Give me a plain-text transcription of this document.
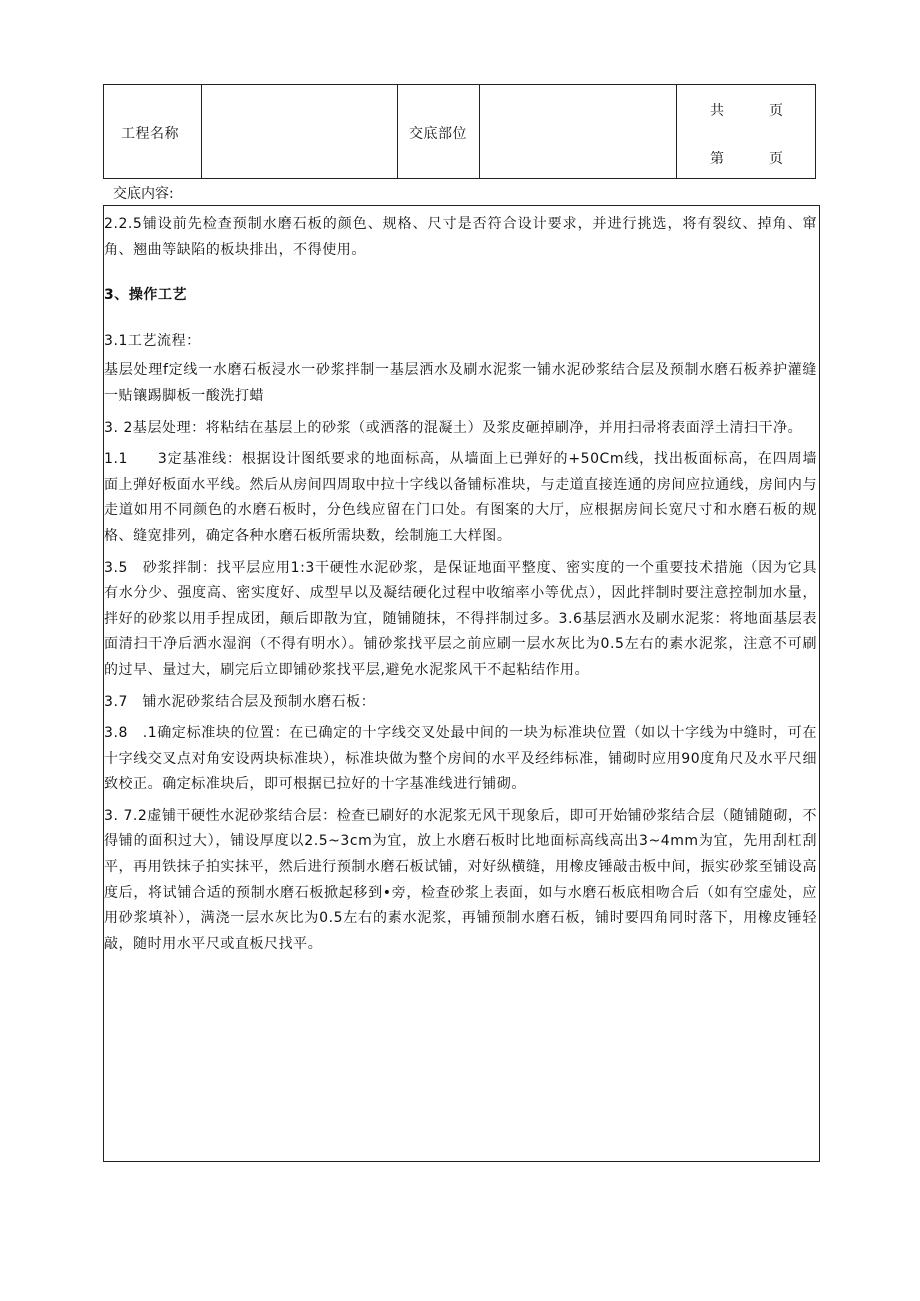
工程名称	交底部位
共	页
第	页
交底内容:

2.2.5铺设前先检查预制水磨石板的颜色、规格、尺寸是否符合设计要求，并进行挑选，将有裂纹、掉角、窜角、翘曲等缺陷的板块排出，不得使用。

3、操作工艺

3.1工艺流程：

基层处理f定线一水磨石板浸水一砂浆拌制一基层洒水及刷水泥浆一铺水泥砂浆结合层及预制水磨石板养护灌缝一贴镶踢脚板一酸洗打蜡

3. 2基层处理：将粘结在基层上的砂浆（或洒落的混凝土）及浆皮砸掉刷净，并用扫帚将表面浮土清扫干净。

1.1　　3定基准线：根据设计图纸要求的地面标高，从墙面上已弹好的+50Cm线，找出板面标高，在四周墙面上弹好板面水平线。然后从房间四周取中拉十字线以备铺标准块，与走道直接连通的房间应拉通线，房间内与走道如用不同颜色的水磨石板时，分色线应留在门口处。有图案的大厅，应根据房间长宽尺寸和水磨石板的规格、缝宽排列，确定各种水磨石板所需块数，绘制施工大样图。

3.5　砂浆拌制：找平层应用1:3干硬性水泥砂浆，是保证地面平整度、密实度的一个重要技术措施（因为它具有水分少、强度高、密实度好、成型早以及凝结硬化过程中收缩率小等优点），因此拌制时要注意控制加水量，拌好的砂浆以用手捏成团，颠后即散为宜，随铺随抹，不得拌制过多。3.6基层洒水及刷水泥浆：将地面基层表面清扫干净后洒水湿润（不得有明水）。铺砂浆找平层之前应刷一层水灰比为0.5左右的素水泥浆，注意不可刷的过早、量过大，刷完后立即铺砂浆找平层,避免水泥浆风干不起粘结作用。

3.7　铺水泥砂浆结合层及预制水磨石板：

3.8　.1确定标准块的位置：在已确定的十字线交叉处最中间的一块为标准块位置（如以十字线为中缝时，可在十字线交叉点对角安设两块标准块），标准块做为整个房间的水平及经纬标准，铺砌时应用90度角尺及水平尺细致校正。确定标准块后，即可根据已拉好的十字基准线进行铺砌。

3. 7.2虚铺干硬性水泥砂浆结合层：检查已刷好的水泥浆无风干现象后，即可开始铺砂浆结合层（随铺随砌，不得铺的面积过大），铺设厚度以2.5~3cm为宜，放上水磨石板时比地面标高线高出3~4mm为宜，先用刮杠刮平，再用铁抹子拍实抹平，然后进行预制水磨石板试铺，对好纵横缝，用橡皮锤敲击板中间，振实砂浆至铺设高度后，将试铺合适的预制水磨石板掀起移到•旁，检查砂浆上表面，如与水磨石板底相吻合后（如有空虚处，应用砂浆填补），满浇一层水灰比为0.5左右的素水泥浆，再铺预制水磨石板，铺时要四角同时落下，用橡皮锤轻敲，随时用水平尺或直板尺找平。
